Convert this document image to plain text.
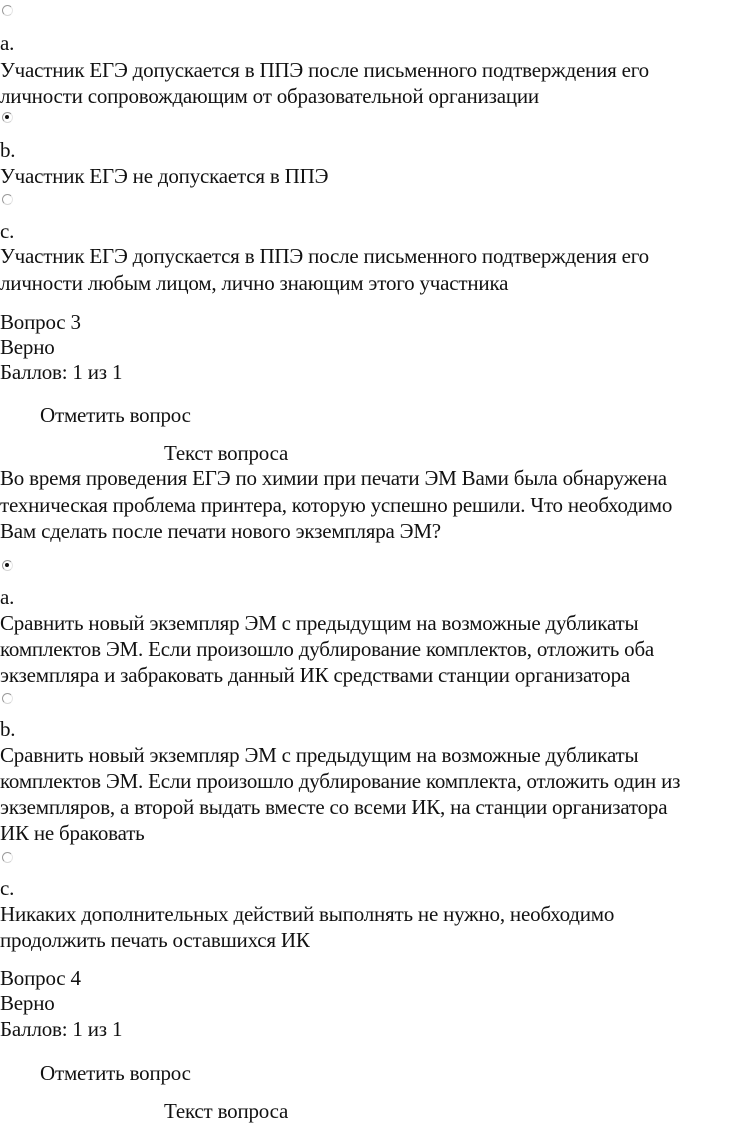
a.
Участник ЕГЭ допускается в ППЭ после письменного подтверждения его
личности сопровождающим от образовательной организации
b.
Участник ЕГЭ не допускается в ППЭ
c.
Участник ЕГЭ допускается в ППЭ после письменного подтверждения его
личности любым лицом, лично знающим этого участника
Вопрос 3
Верно
Баллов: 1 из 1
Отметить вопрос
Текст вопроса
Во время проведения ЕГЭ по химии при печати ЭМ Вами была обнаружена
техническая проблема принтера, которую успешно решили. Что необходимо
Вам сделать после печати нового экземпляра ЭМ?
a.
Сравнить новый экземпляр ЭМ с предыдущим на возможные дубликаты
комплектов ЭМ. Если произошло дублирование комплектов, отложить оба
экземпляра и забраковать данный ИК средствами станции организатора
b.
Сравнить новый экземпляр ЭМ с предыдущим на возможные дубликаты
комплектов ЭМ. Если произошло дублирование комплекта, отложить один из
экземпляров, а второй выдать вместе со всеми ИК, на станции организатора
ИК не браковать
c.
Никаких дополнительных действий выполнять не нужно, необходимо
продолжить печать оставшихся ИК
Вопрос 4
Верно
Баллов: 1 из 1
Отметить вопрос
Текст вопроса
